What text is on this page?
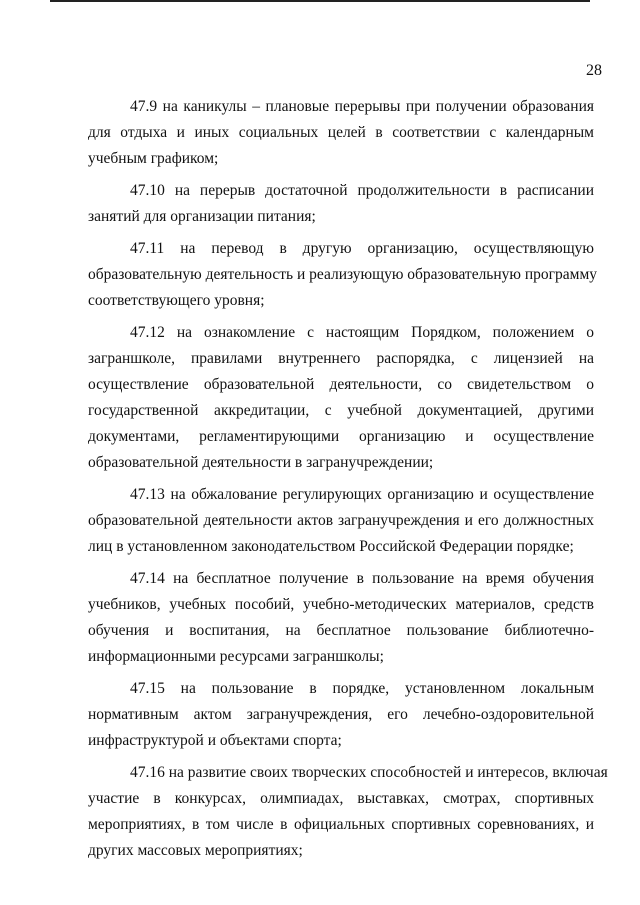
28
47.9 на каникулы – плановые перерывы при получении образования
для отдыха и иных социальных целей в соответствии с календарным
учебным графиком;
47.10 на перерыв достаточной продолжительности в расписании
занятий для организации питания;
47.11 на перевод в другую организацию, осуществляющую
образовательную деятельность и реализующую образовательную программу
соответствующего уровня;
47.12 на ознакомление с настоящим Порядком, положением о
заграншколе, правилами внутреннего распорядка, с лицензией на
осуществление образовательной деятельности, со свидетельством о
государственной аккредитации, с учебной документацией, другими
документами, регламентирующими организацию и осуществление
образовательной деятельности в загранучреждении;
47.13 на обжалование регулирующих организацию и осуществление
образовательной деятельности актов загранучреждения и его должностных
лиц в установленном законодательством Российской Федерации порядке;
47.14 на бесплатное получение в пользование на время обучения
учебников, учебных пособий, учебно-методических материалов, средств
обучения и воспитания, на бесплатное пользование библиотечно-
информационными ресурсами заграншколы;
47.15 на пользование в порядке, установленном локальным
нормативным актом загранучреждения, его лечебно-оздоровительной
инфраструктурой и объектами спорта;
47.16 на развитие своих творческих способностей и интересов, включая
участие в конкурсах, олимпиадах, выставках, смотрах, спортивных
мероприятиях, в том числе в официальных спортивных соревнованиях, и
других массовых мероприятиях;
